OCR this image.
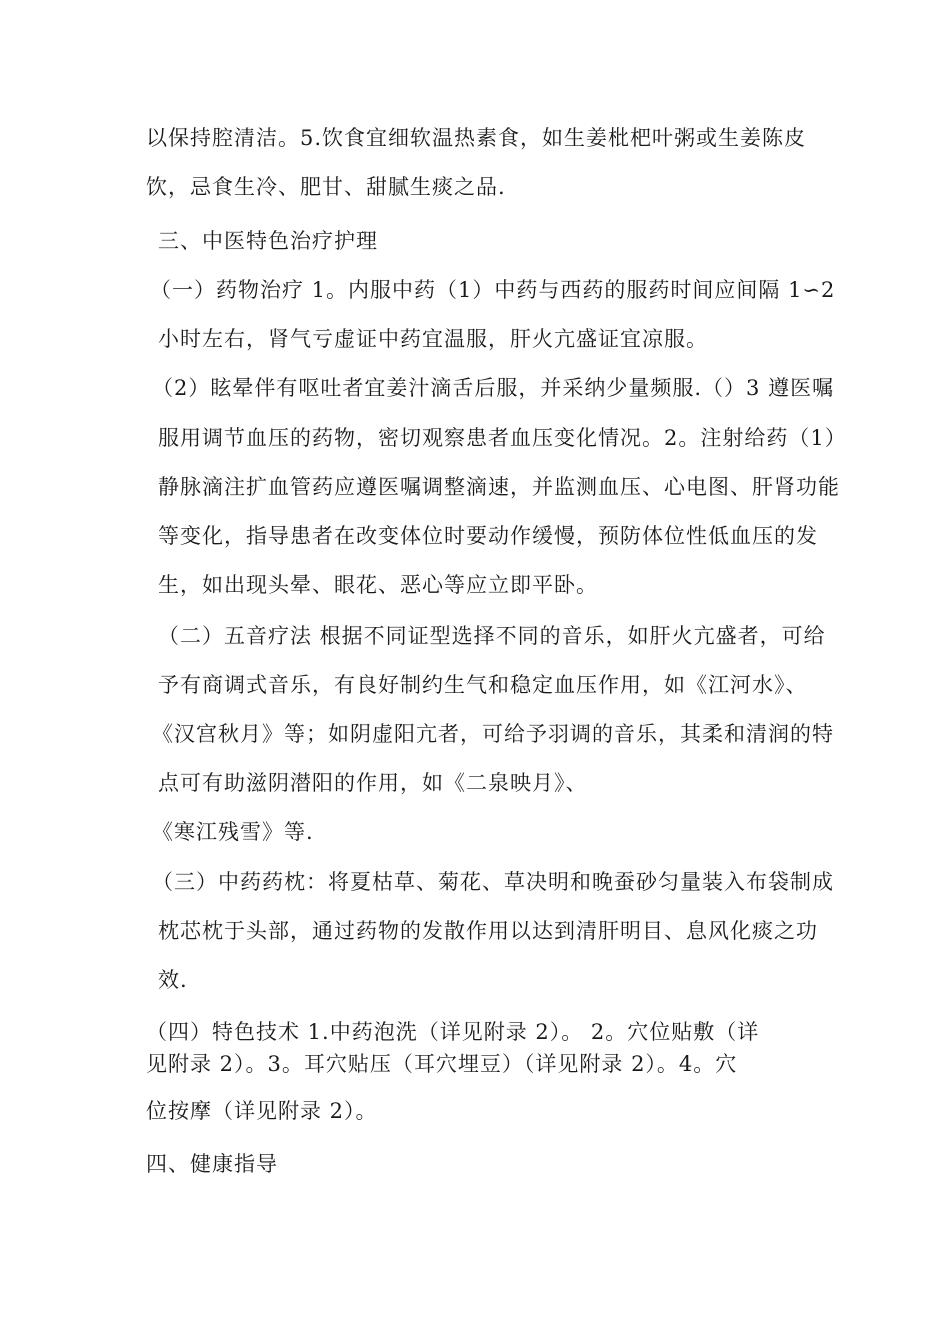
以保持腔清洁。5.饮食宜细软温热素食，如生姜枇杷叶粥或生姜陈皮
饮，忌食生冷、肥甘、甜腻生痰之品.
三、中医特色治疗护理
（一）药物治疗 1。内服中药（1）中药与西药的服药时间应间隔 1∽2
小时左右，肾气亏虚证中药宜温服，肝火亢盛证宜凉服。
（2）眩晕伴有呕吐者宜姜汁滴舌后服，并采纳少量频服.（）3 遵医嘱
服用调节血压的药物，密切观察患者血压变化情况。2。注射给药（1）
静脉滴注扩血管药应遵医嘱调整滴速，并监测血压、心电图、肝肾功能
等变化，指导患者在改变体位时要动作缓慢，预防体位性低血压的发
生，如出现头晕、眼花、恶心等应立即平卧。
（二）五音疗法 根据不同证型选择不同的音乐，如肝火亢盛者，可给
予有商调式音乐，有良好制约生气和稳定血压作用，如《江河水》、
《汉宫秋月》等；如阴虚阳亢者，可给予羽调的音乐，其柔和清润的特
点可有助滋阴潜阳的作用，如《二泉映月》、
《寒江残雪》等.
（三）中药药枕：将夏枯草、菊花、草决明和晚蚕砂匀量装入布袋制成
枕芯枕于头部，通过药物的发散作用以达到清肝明目、息风化痰之功
效.
（四）特色技术 1.中药泡洗（详见附录 2）。 2。穴位贴敷（详
见附录 2）。3。耳穴贴压（耳穴埋豆）（详见附录 2）。4。穴
位按摩（详见附录 2）。
四、健康指导
